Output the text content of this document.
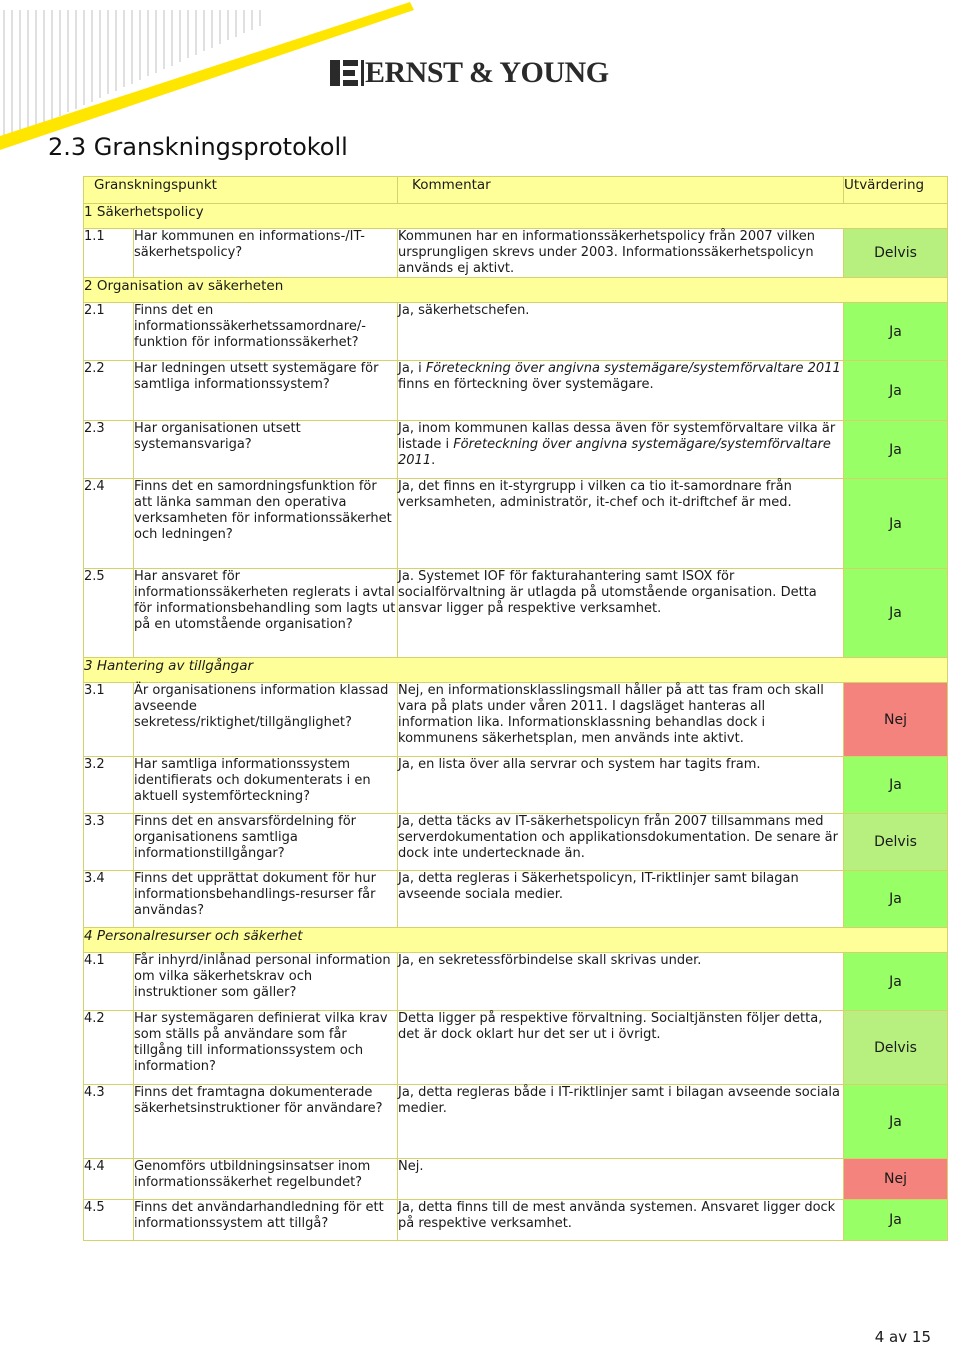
ERNST & YOUNG
2.3 Granskningsprotokoll
Granskningspunkt		Kommentar	Utvärdering
1 Säkerhetspolicy			
1.1	Har kommunen en informations-/IT-säkerhetspolicy?	Kommunen har en informationssäkerhetspolicy från 2007 vilken ursprungligen skrevs under 2003. Informationssäkerhetspolicyn används ej aktivt.	Delvis
2 Organisation av säkerheten			
2.1	Finns det en informationssäkerhetssamordnare/-funktion för informationssäkerhet?	Ja, säkerhetschefen.	Ja
2.2	Har ledningen utsett systemägare för samtliga informationssystem?	Ja, i Företeckning över angivna systemägare/systemförvaltare 2011 finns en förteckning över systemägare.	Ja
2.3	Har organisationen utsett systemansvariga?	Ja, inom kommunen kallas dessa även för systemförvaltare vilka är listade i Företeckning över angivna systemägare/systemförvaltare 2011.	Ja
2.4	Finns det en samordningsfunktion för att länka samman den operativa verksamheten för informationssäkerhet och ledningen?	Ja, det finns en it-styrgrupp i vilken ca tio it-samordnare från verksamheten, administratör, it-chef och it-driftchef är med.	Ja
2.5	Har ansvaret för informationssäkerheten reglerats i avtal för informationsbehandling som lagts ut på en utomstående organisation?	Ja. Systemet IOF för fakturahantering samt ISOX för socialförvaltning är utlagda på utomstående organisation. Detta ansvar ligger på respektive verksamhet.	Ja
3 Hantering av tillgångar			
3.1	Är organisationens information klassad avseende sekretess/riktighet/tillgänglighet?	Nej, en informationsklasslingsmall håller på att tas fram och skall vara på plats under våren 2011. I dagsläget hanteras all information lika. Informationsklassning behandlas dock i kommunens säkerhetsplan, men används inte aktivt.	Nej
3.2	Har samtliga informationssystem identifierats och dokumenterats i en aktuell systemförteckning?	Ja, en lista över alla servrar och system har tagits fram.	Ja
3.3	Finns det en ansvarsfördelning för organisationens samtliga informationstillgångar?	Ja, detta täcks av IT-säkerhetspolicyn från 2007 tillsammans med serverdokumentation och applikationsdokumentation. De senare är dock inte undertecknade än.	Delvis
3.4	Finns det upprättat dokument för hur informationsbehandlings-resurser får användas?	Ja, detta regleras i Säkerhetspolicyn, IT-riktlinjer samt bilagan avseende sociala medier.	Ja
4 Personalresurser och säkerhet			
4.1	Får inhyrd/inlånad personal information om vilka säkerhetskrav och instruktioner som gäller?	Ja, en sekretessförbindelse skall skrivas under.	Ja
4.2	Har systemägaren definierat vilka krav som ställs på användare som får tillgång till informationssystem och information?	Detta ligger på respektive förvaltning. Socialtjänsten följer detta, det är dock oklart hur det ser ut i övrigt.	Delvis
4.3	Finns det framtagna dokumenterade säkerhetsinstruktioner för användare?	Ja, detta regleras både i IT-riktlinjer samt i bilagan avseende sociala medier.	Ja
4.4	Genomförs utbildningsinsatser inom informationssäkerhet regelbundet?	Nej.	Nej
4.5	Finns det användarhandledning för ett informationssystem att tillgå?	Ja, detta finns till de mest använda systemen. Ansvaret ligger dock på respektive verksamhet.	Ja
4 av 15
